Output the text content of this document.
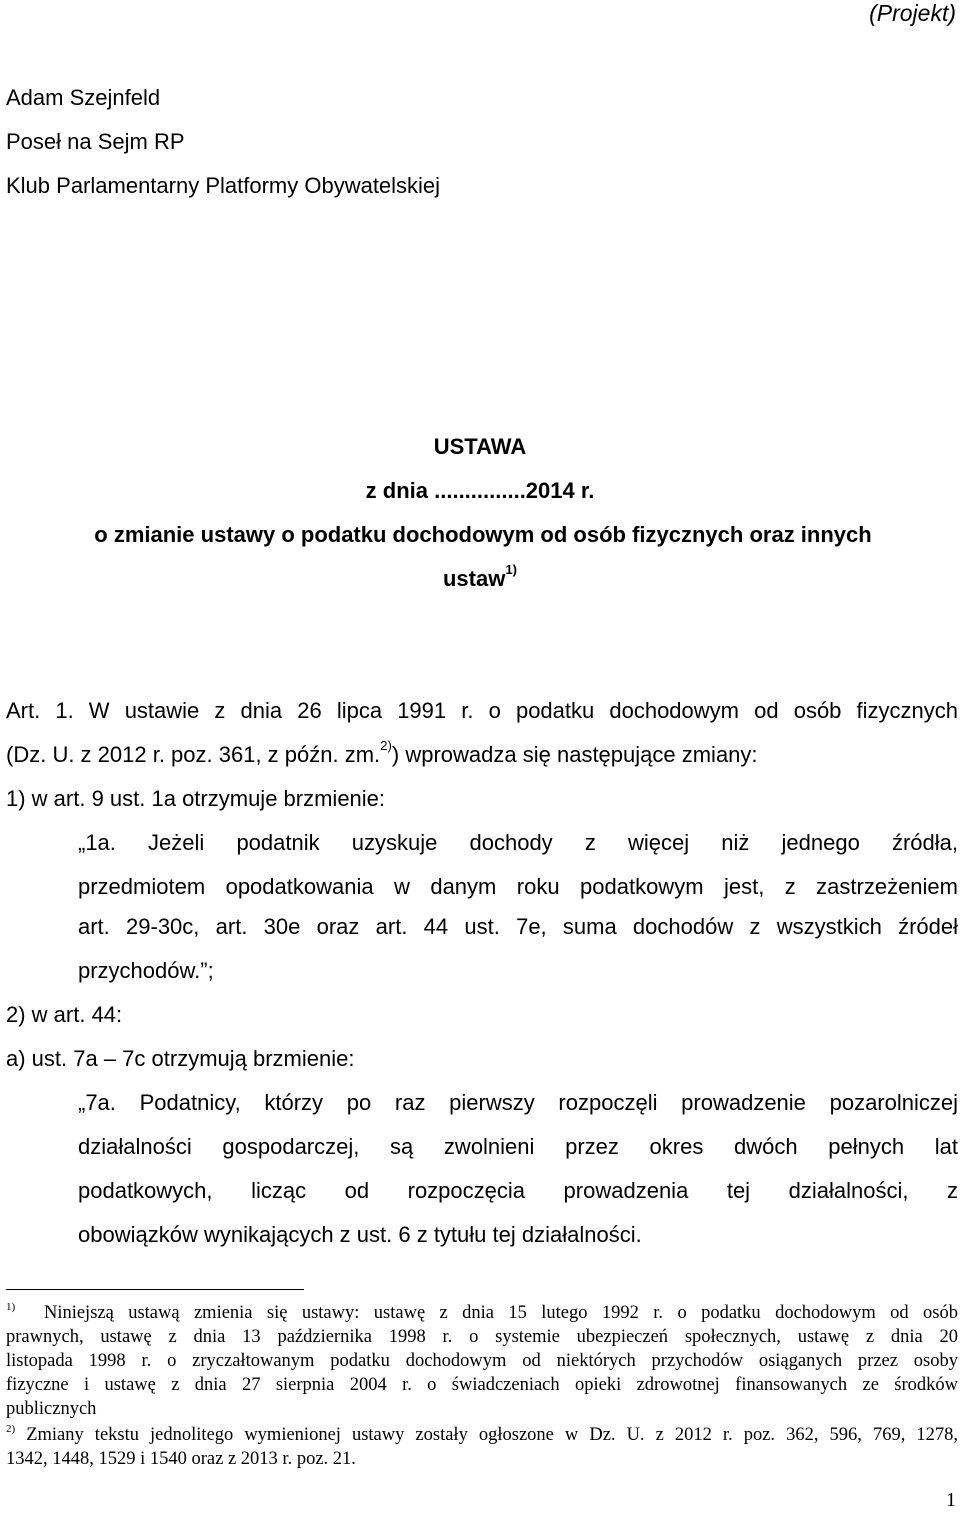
(Projekt)
Adam Szejnfeld
Poseł na Sejm RP
Klub Parlamentarny Platformy Obywatelskiej
USTAWA
z dnia ...............2014 r.
o zmianie ustawy o podatku dochodowym od osób fizycznych oraz innych
ustaw$^{1)}$
Art. 1. W ustawie z dnia 26 lipca 1991 r. o podatku dochodowym od osób fizycznych
(Dz. U. z 2012 r. poz. 361, z późn. zm.$^{2)}$) wprowadza się następujące zmiany:
1) w art. 9 ust. 1a otrzymuje brzmienie:
„1a. Jeżeli podatnik uzyskuje dochody z więcej niż jednego źródła,
przedmiotem opodatkowania w danym roku podatkowym jest, z zastrzeżeniem
art. 29-30c, art. 30e oraz art. 44 ust. 7e, suma dochodów z wszystkich źródeł
przychodów.”;
2) w art. 44:
a) ust. 7a – 7c otrzymują brzmienie:
„7a. Podatnicy, którzy po raz pierwszy rozpoczęli prowadzenie pozarolniczej
działalności gospodarczej, są zwolnieni przez okres dwóch pełnych lat
podatkowych, licząc od rozpoczęcia prowadzenia tej działalności, z
obowiązków wynikających z ust. 6 z tytułu tej działalności.
$^{1)}$ Niniejszą ustawą zmienia się ustawy: ustawę z dnia 15 lutego 1992 r. o podatku dochodowym od osób
prawnych, ustawę z dnia 13 października 1998 r. o systemie ubezpieczeń społecznych, ustawę z dnia 20
listopada 1998 r. o zryczałtowanym podatku dochodowym od niektórych przychodów osiąganych przez osoby
fizyczne i ustawę z dnia 27 sierpnia 2004 r. o świadczeniach opieki zdrowotnej finansowanych ze środków
publicznych
$^{2)}$ Zmiany tekstu jednolitego wymienionej ustawy zostały ogłoszone w Dz. U. z 2012 r. poz. 362, 596, 769, 1278,
1342, 1448, 1529 i 1540 oraz z 2013 r. poz. 21.
1
